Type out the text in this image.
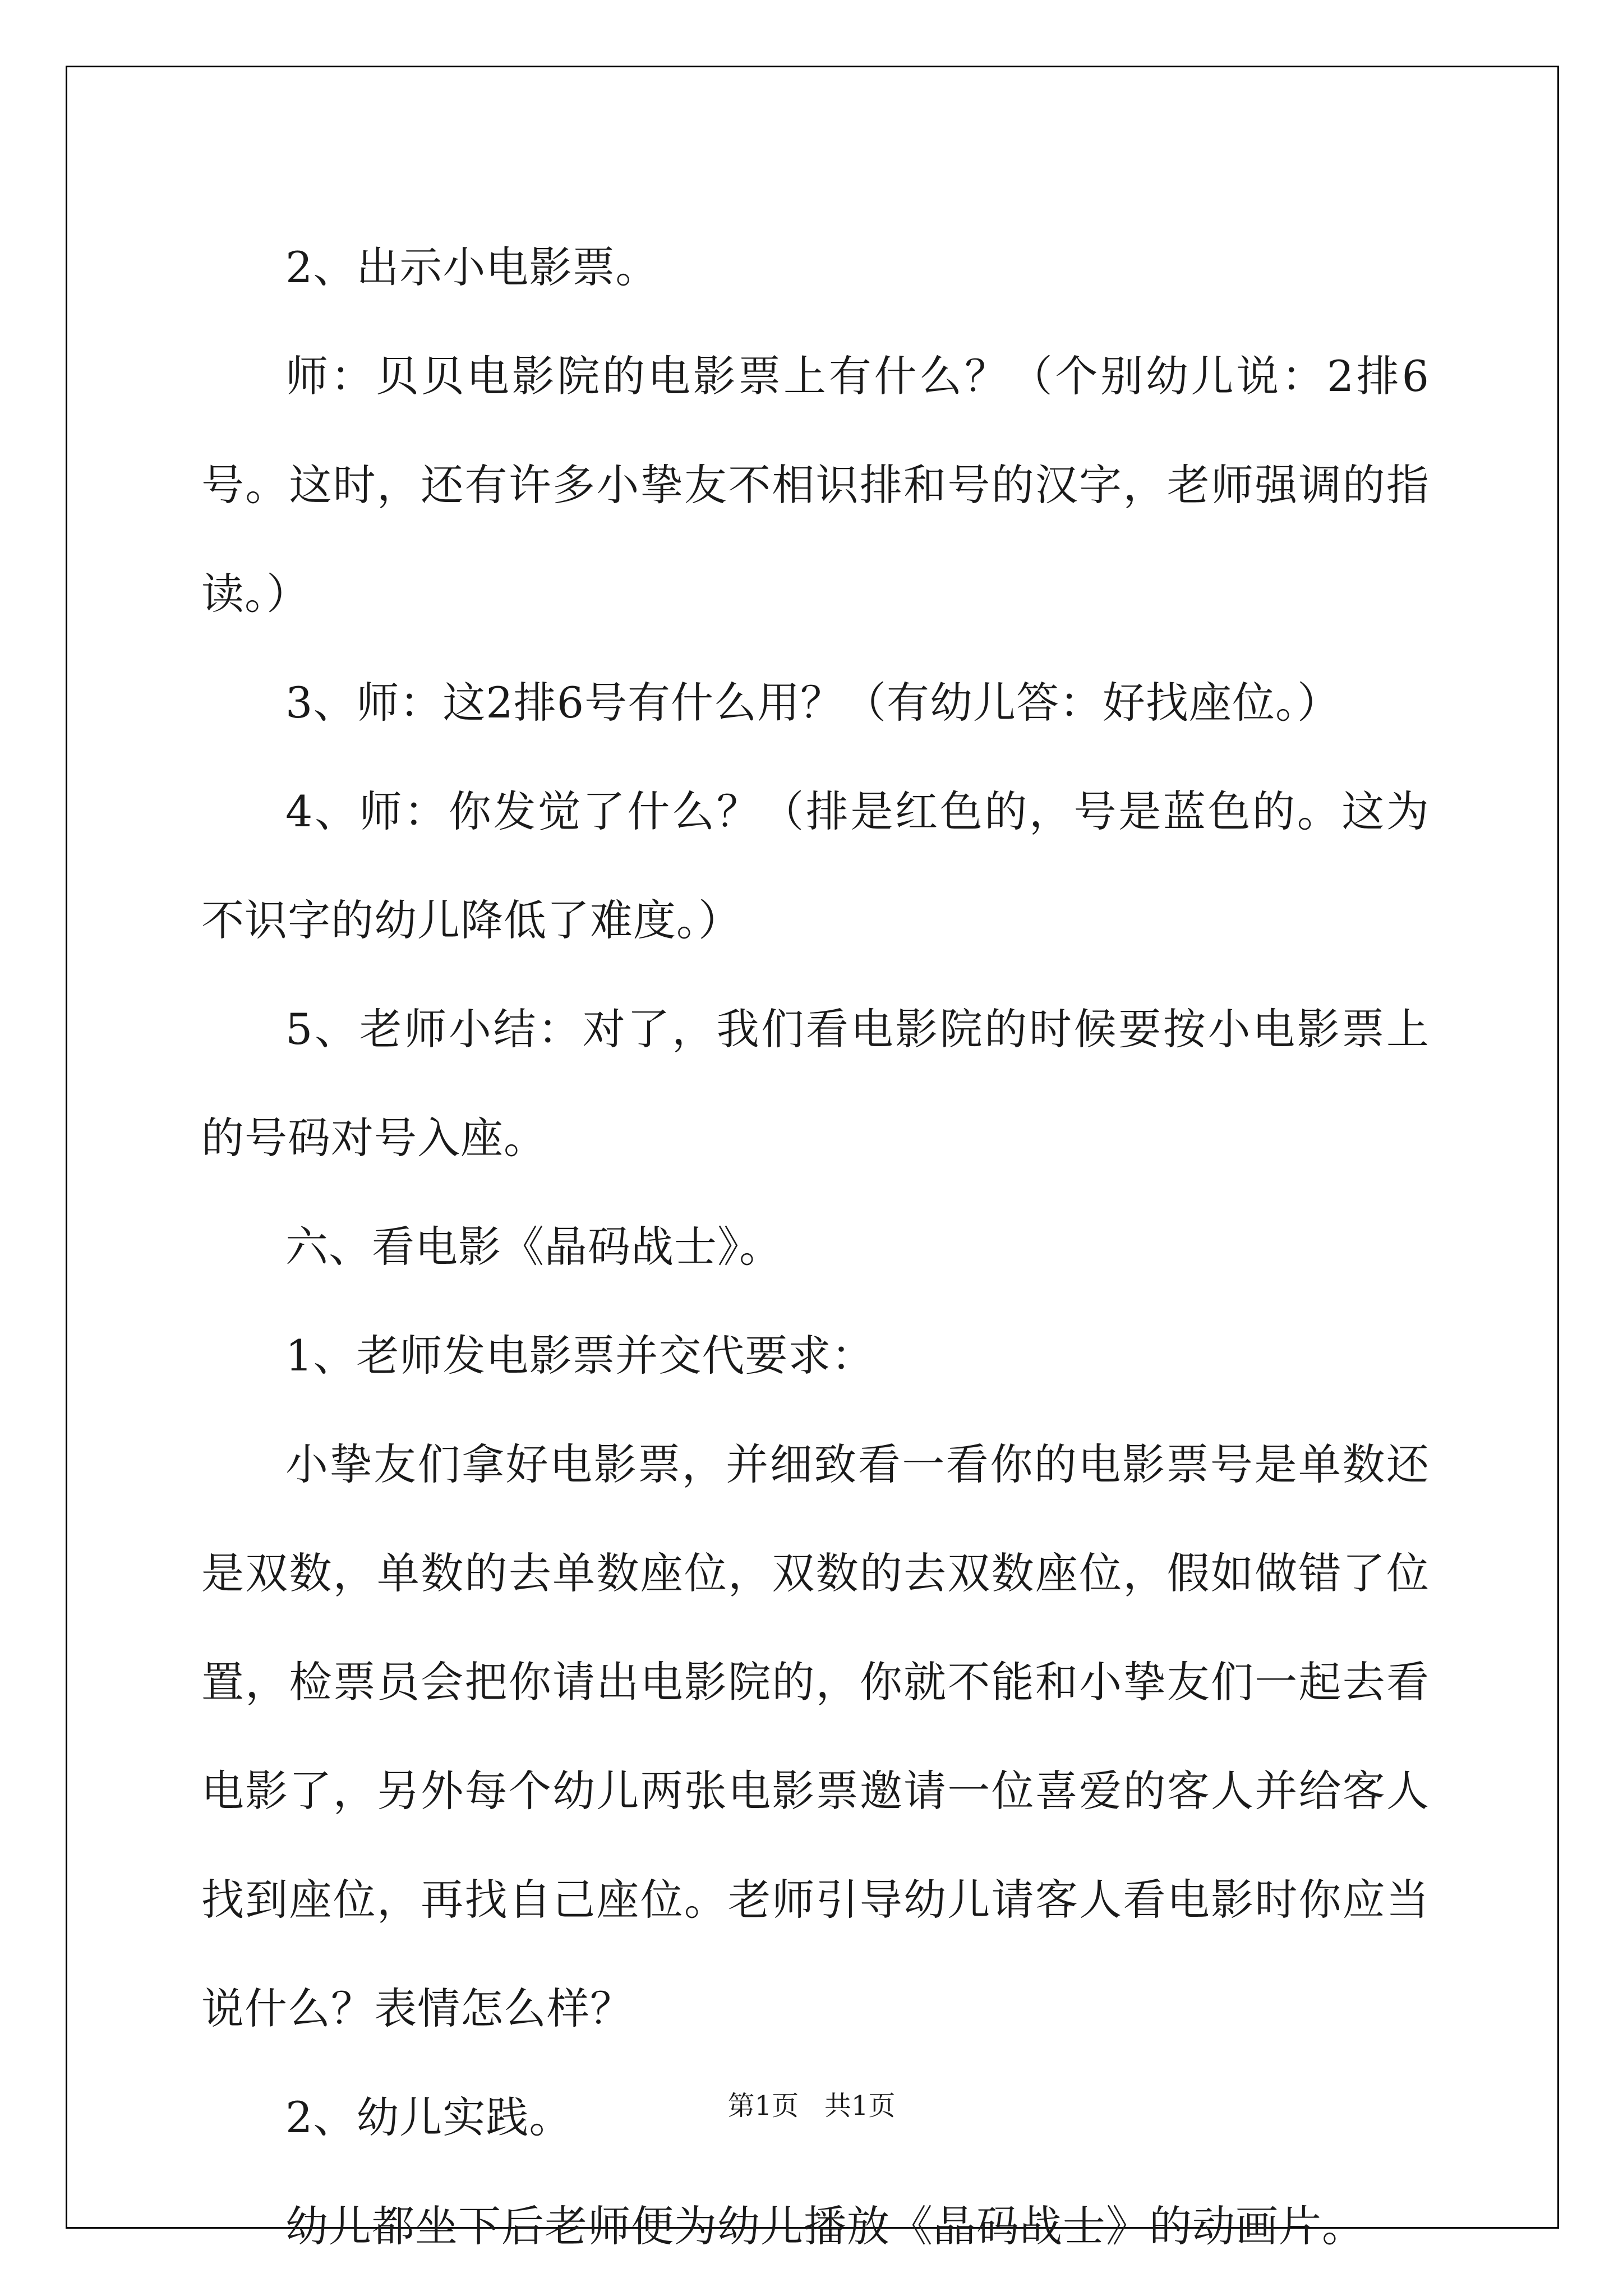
2、出示小电影票。

师：贝贝电影院的电影票上有什么？（个别幼儿说：2排6号。这时，还有许多小挚友不相识排和号的汉字，老师强调的指读。）

3、师：这2排6号有什么用？（有幼儿答：好找座位。）

4、师：你发觉了什么？（排是红色的，号是蓝色的。这为不识字的幼儿降低了难度。）

5、老师小结：对了，我们看电影院的时候要按小电影票上的号码对号入座。

六、看电影《晶码战士》。

1、老师发电影票并交代要求：

小挚友们拿好电影票，并细致看一看你的电影票号是单数还是双数，单数的去单数座位，双数的去双数座位，假如做错了位置，检票员会把你请出电影院的，你就不能和小挚友们一起去看电影了，另外每个幼儿两张电影票邀请一位喜爱的客人并给客人找到座位，再找自己座位。老师引导幼儿请客人看电影时你应当说什么？表情怎么样？

2、幼儿实践。

幼儿都坐下后老师便为幼儿播放《晶码战士》的动画片。

第1页   共1页
